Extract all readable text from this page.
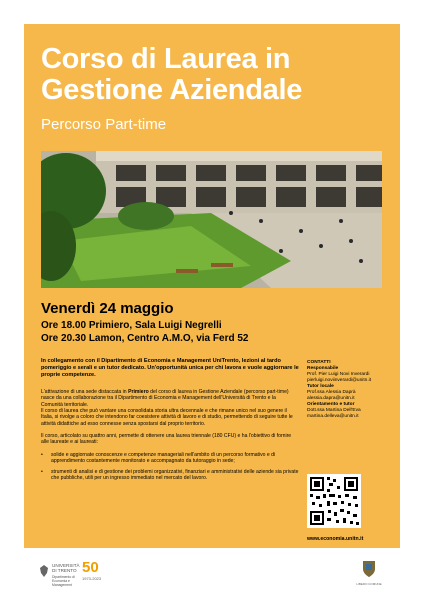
Corso di Laurea in
Gestione Aziendale
Percorso Part-time
Venerdì 24 maggio
Ore 18.00 Primiero, Sala Luigi Negrelli
Ore 20.30 Lamon, Centro A.M.O, via Ferd 52
In collegamento con il Dipartimento di Economia e Management UniTrento, lezioni al tardo pomeriggio e serali e un tutor dedicato. Un'opportunità unica per chi lavora e vuole aggiornare le proprie competenze.

L'attivazione di una sede distaccata in Primiero del corso di laurea in Gestione Aziendale (percorso part-time) nasce da una collaborazione tra il Dipartimento di Economia e Management dell'Università di Trento e la Comunità territoriale.

Il corso di laurea che può vantare una consolidata storia ultra decennale e che rimane unico nel suo genere il Italia, si rivolge a coloro che intendono far coesistere attività di lavoro e di studio, permettendo di seguire tutte le attività didattiche ad esso connesse senza spostarsi dal proprio territorio.

Il corso, articolato su quattro anni, permette di ottenere una laurea triennale (180 CFU) e ha l'obiettivo di fornire alle laureate e ai laureati:

• solide e aggiornate conoscenze e competenze manageriali nell'ambito di un percorso formativo e di apprendimento costantemente monitorato e accompagnato da tutoraggio in sede;
• strumenti di analisi e di gestione dei problemi organizzativi, finanziari e amministrativi delle aziende sia private che pubbliche, utili per un ingresso immediato nel mercato del lavoro.
CONTATTI
Responsabile
Prof. Pier Luigi Novi Inverardi
pierluigi.noviinverardi@unitn.it
Tutor locale
Prof.ssa Alessia Daprà
alessia.dapra@unitn.it
Orientamento e tutor
Dott.ssa Martina Dell'Eva
martina.delleva@unitn.it
www.economia.unitn.it
UNIVERSITÀ
DI TRENTO
Dipartimento di
Economia e Management
50
1973-2023
LIBERO COMUNE
